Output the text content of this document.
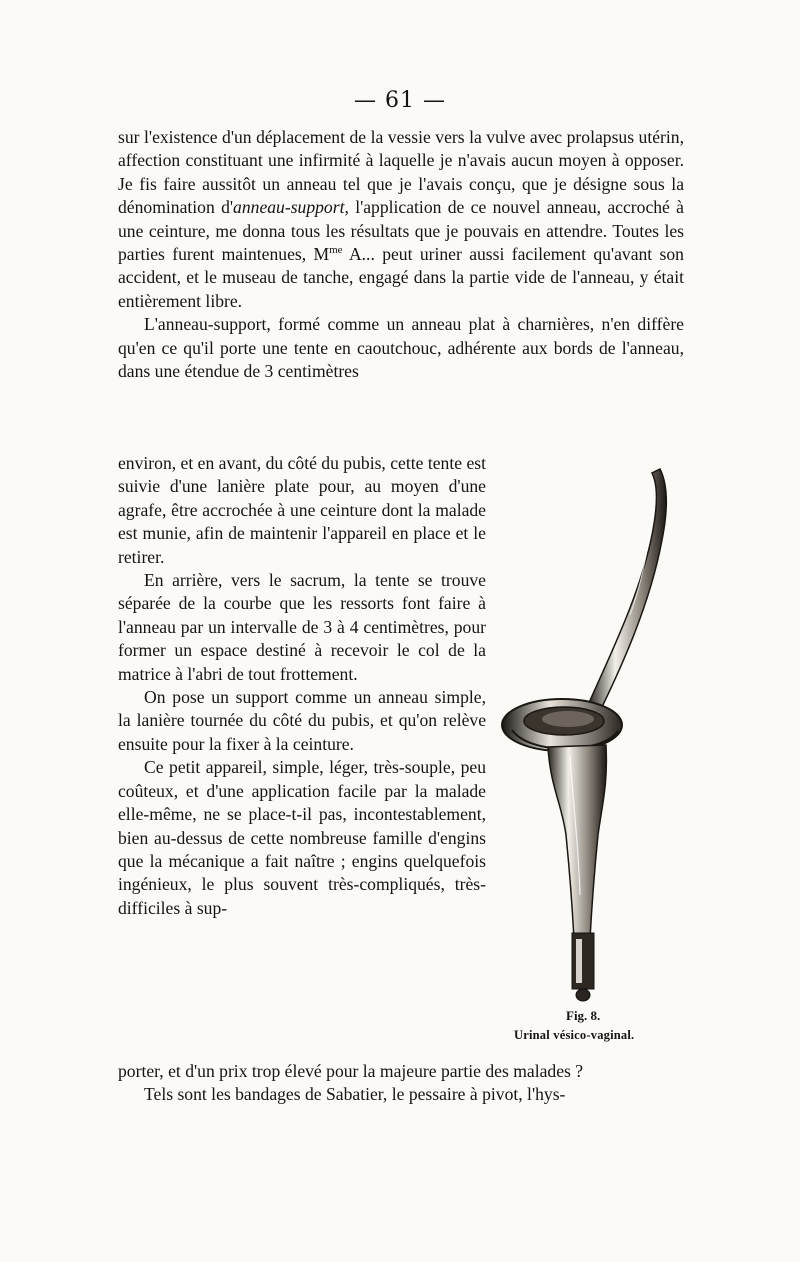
— 61 —

sur l'existence d'un déplacement de la vessie vers la vulve avec prolapsus utérin, affection constituant une infirmité à laquelle je n'avais aucun moyen à opposer. Je fis faire aussitôt un anneau tel que je l'avais conçu, que je désigne sous la dénomination d'anneau-support, l'application de ce nouvel anneau, accroché à une ceinture, me donna tous les résultats que je pouvais en attendre. Toutes les parties furent maintenues, $M^{me}$ A... peut uriner aussi facilement qu'avant son accident, et le museau de tanche, engagé dans la partie vide de l'anneau, y était entièrement libre.

L'anneau-support, formé comme un anneau plat à charnières, n'en diffère qu'en ce qu'il porte une tente en caoutchouc, adhérente aux bords de l'anneau, dans une étendue de 3 centimètres

environ, et en avant, du côté du pubis, cette tente est suivie d'une lanière plate pour, au moyen d'une agrafe, être accrochée à une ceinture dont la malade est munie, afin de maintenir l'appareil en place et le retirer.

En arrière, vers le sacrum, la tente se trouve séparée de la courbe que les ressorts font faire à l'anneau par un intervalle de 3 à 4 centimètres, pour former un espace destiné à recevoir le col de la matrice à l'abri de tout frottement.

On pose un support comme un anneau simple, la lanière tournée du côté du pubis, et qu'on relève ensuite pour la fixer à la ceinture.

Ce petit appareil, simple, léger, très-souple, peu coûteux, et d'une application facile par la malade elle-même, ne se place-t-il pas, incontestablement, bien au-dessus de cette nombreuse famille d'engins que la mécanique a fait naître ; engins quelquefois ingénieux, le plus souvent très-compliqués, très-difficiles à sup-

porter, et d'un prix trop élevé pour la majeure partie des malades ?

Tels sont les bandages de Sabatier, le pessaire à pivot, l'hys-

Fig. 8.
Urinal vésico-vaginal.
